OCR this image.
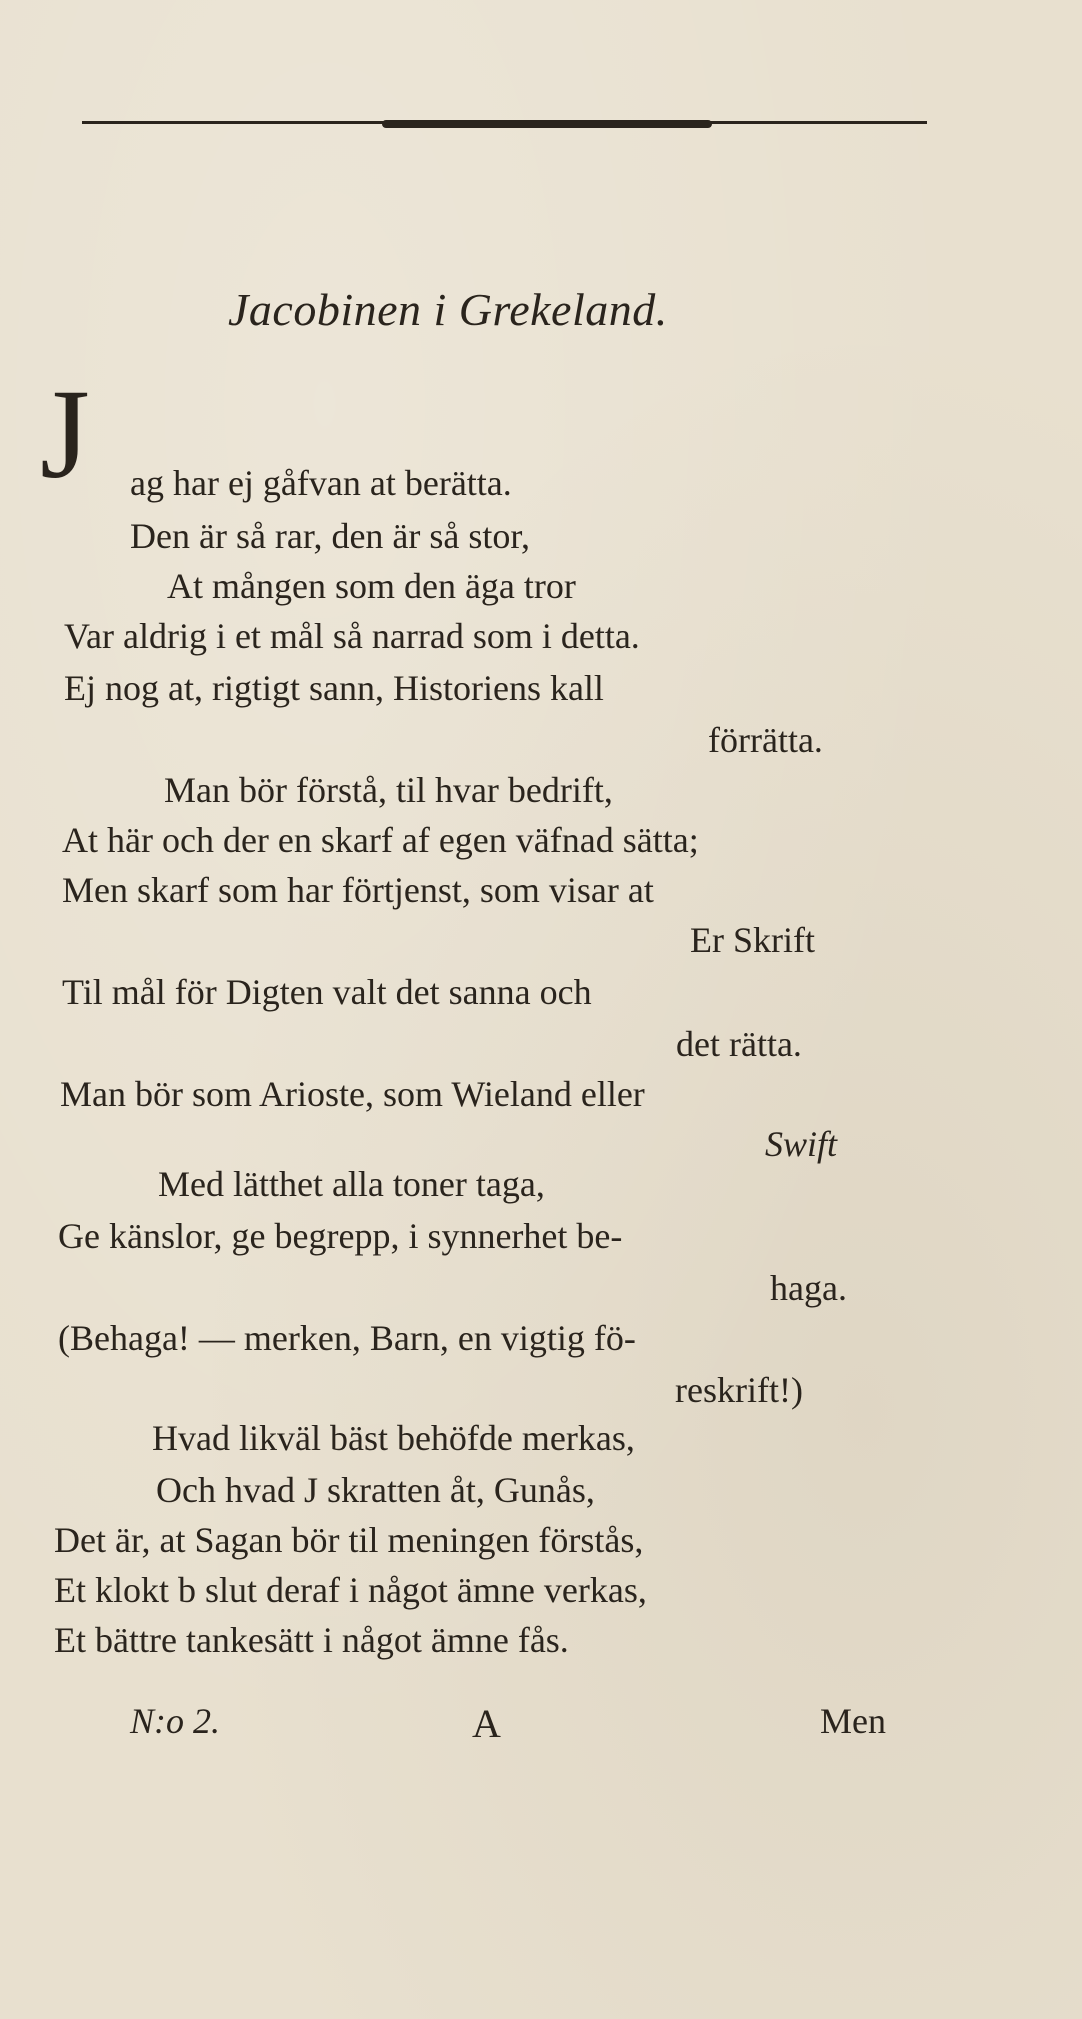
Jacobinen i Grekeland.
J ag har ej gåfvan at berätta.
Den är så rar, den är så stor,
At mången som den äga tror
Var aldrig i et mål så narrad som i detta.
Ej nog at, rigtigt sann, Historiens kall
förrätta.
Man bör förstå, til hvar bedrift,
At här och der en skarf af egen väfnad sätta;
Men skarf som har förtjenst, som visar at
Er Skrift
Til mål för Digten valt det sanna och
det rätta.
Man bör som Arioste, som Wieland eller
Swift
Med lätthet alla toner taga,
Ge känslor, ge begrepp, i synnerhet be-
haga.
(Behaga! — merken, Barn, en vigtig fö-
reskrift!)
Hvad likväl bäst behöfde merkas,
Och hvad J skratten åt, Gunås,
Det är, at Sagan bör til meningen förstås,
Et klokt b slut deraf i något ämne verkas,
Et bättre tankesätt i något ämne fås.
N:o 2.	A	Men
